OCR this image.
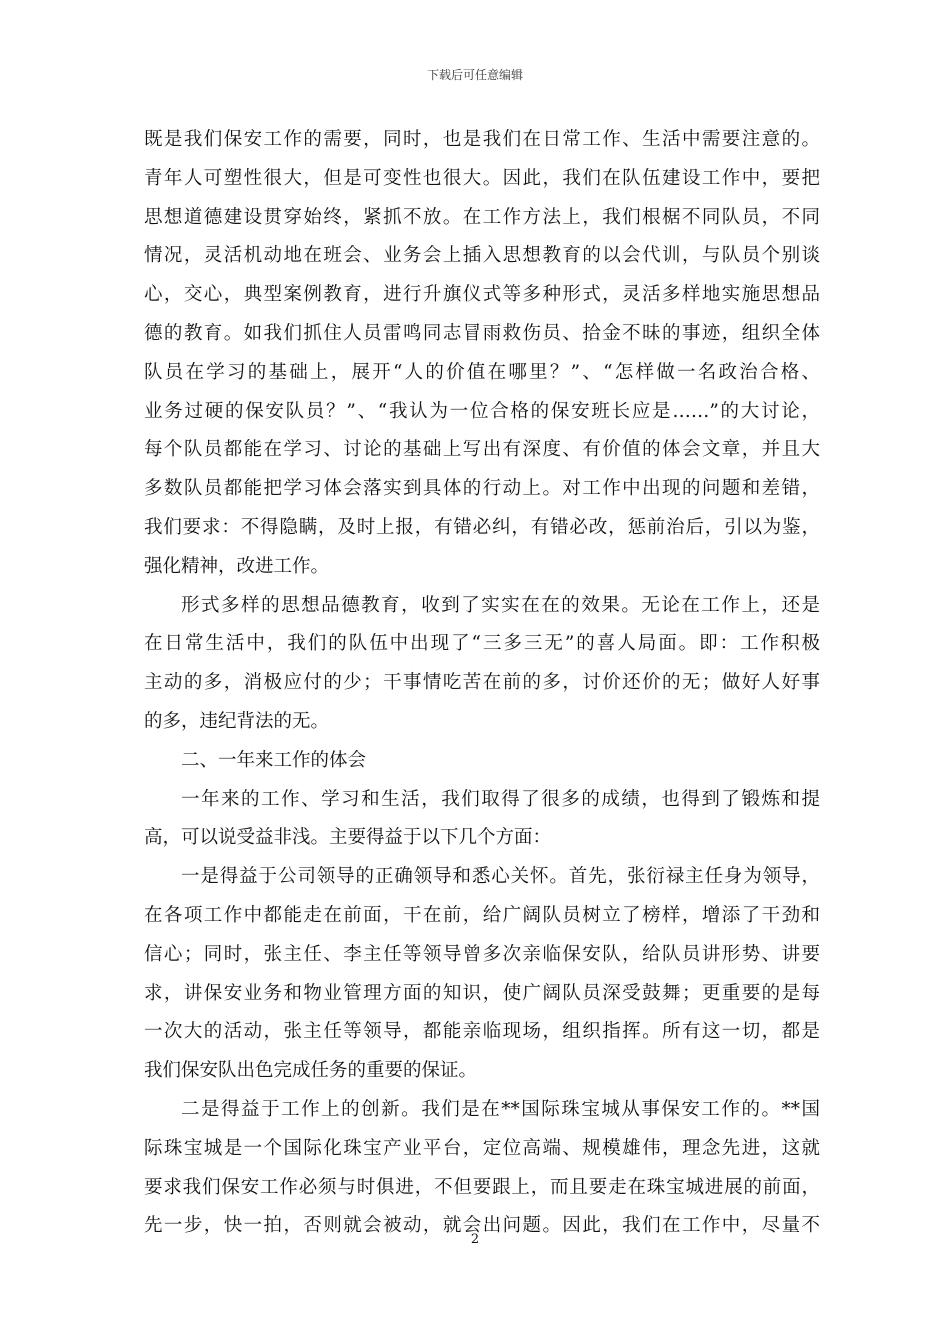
下载后可任意编辑
既是我们保安工作的需要，同时，也是我们在日常工作、生活中需要注意的。
青年人可塑性很大，但是可变性也很大。因此，我们在队伍建设工作中，要把
思想道德建设贯穿始终，紧抓不放。在工作方法上，我们根椐不同队员，不同
情况，灵活机动地在班会、业务会上插入思想教育的以会代训，与队员个别谈
心，交心，典型案例教育，进行升旗仪式等多种形式，灵活多样地实施思想品
德的教育。如我们抓住人员雷鸣同志冒雨救伤员、拾金不昧的事迹，组织全体
队员在学习的基础上，展开“人的价值在哪里？”、“怎样做一名政治合格、
业务过硬的保安队员？”、“我认为一位合格的保安班长应是……”的大讨论，
每个队员都能在学习、讨论的基础上写出有深度、有价值的体会文章，并且大
多数队员都能把学习体会落实到具体的行动上。对工作中出现的问题和差错，
我们要求：不得隐瞒，及时上报，有错必纠，有错必改，惩前治后，引以为鉴，
强化精神，改进工作。
形式多样的思想品德教育，收到了实实在在的效果。无论在工作上，还是
在日常生活中，我们的队伍中出现了“三多三无”的喜人局面。即：工作积极
主动的多，消极应付的少；干事情吃苦在前的多，讨价还价的无；做好人好事
的多，违纪背法的无。
二、一年来工作的体会
一年来的工作、学习和生活，我们取得了很多的成绩，也得到了锻炼和提
高，可以说受益非浅。主要得益于以下几个方面：
一是得益于公司领导的正确领导和悉心关怀。首先，张衍禄主任身为领导，
在各项工作中都能走在前面，干在前，给广阔队员树立了榜样，增添了干劲和
信心；同时，张主任、李主任等领导曾多次亲临保安队，给队员讲形势、讲要
求，讲保安业务和物业管理方面的知识，使广阔队员深受鼓舞；更重要的是每
一次大的活动，张主任等领导，都能亲临现场，组织指挥。所有这一切，都是
我们保安队出色完成任务的重要的保证。
二是得益于工作上的创新。我们是在**国际珠宝城从事保安工作的。**国
际珠宝城是一个国际化珠宝产业平台，定位高端、规模雄伟，理念先进，这就
要求我们保安工作必须与时俱进，不但要跟上，而且要走在珠宝城进展的前面，
先一步，快一拍，否则就会被动，就会出问题。因此，我们在工作中，尽量不
2
